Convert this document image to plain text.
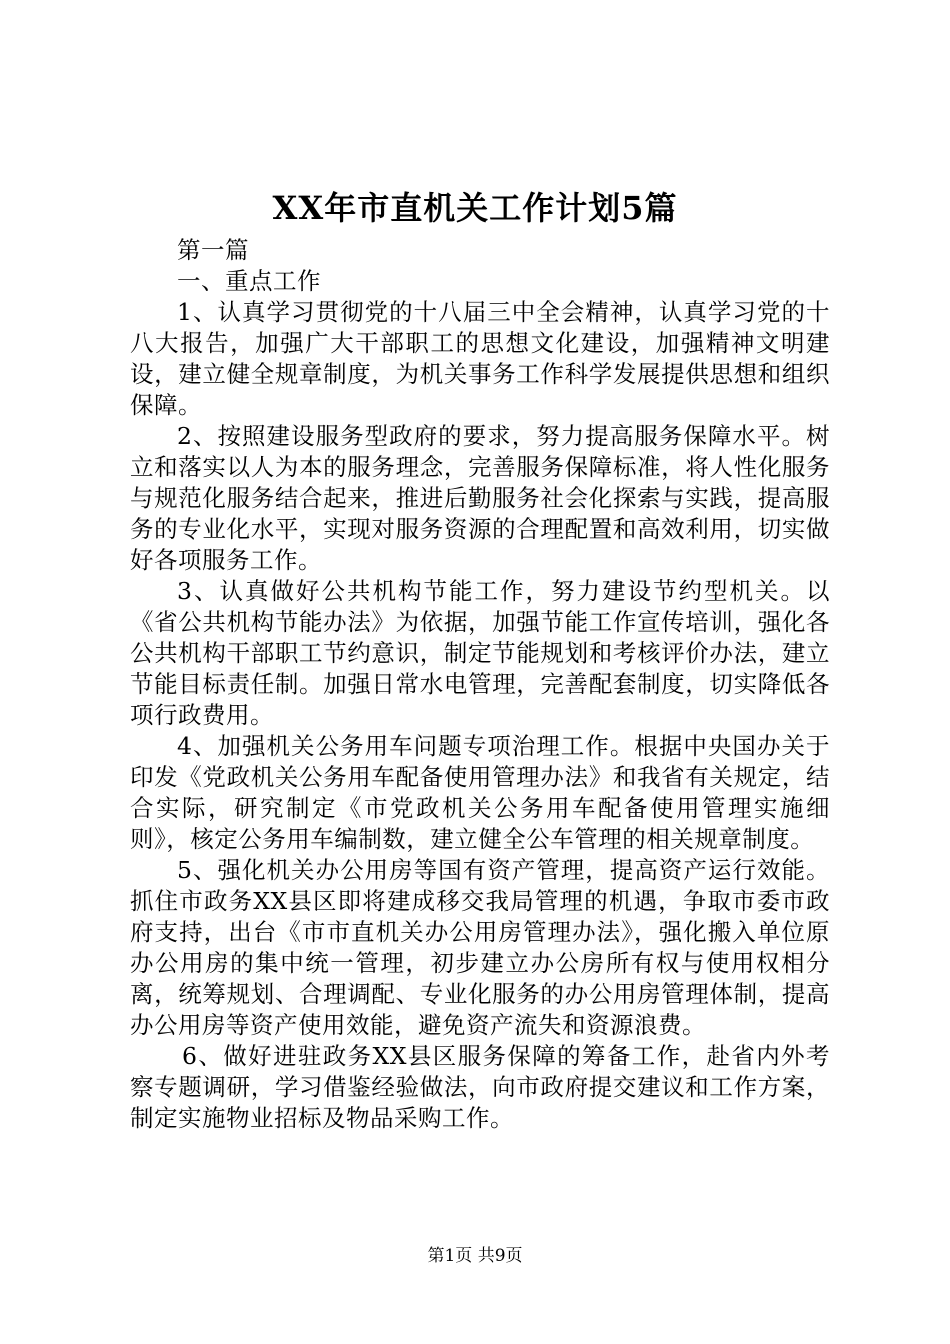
XX年市直机关工作计划5篇

第一篇

一、重点工作

1、认真学习贯彻党的十八届三中全会精神，认真学习党的十八大报告，加强广大干部职工的思想文化建设，加强精神文明建设，建立健全规章制度，为机关事务工作科学发展提供思想和组织保障。

2、按照建设服务型政府的要求，努力提高服务保障水平。树立和落实以人为本的服务理念，完善服务保障标准，将人性化服务与规范化服务结合起来，推进后勤服务社会化探索与实践，提高服务的专业化水平，实现对服务资源的合理配置和高效利用，切实做好各项服务工作。

3、认真做好公共机构节能工作，努力建设节约型机关。以《省公共机构节能办法》为依据，加强节能工作宣传培训，强化各公共机构干部职工节约意识，制定节能规划和考核评价办法，建立节能目标责任制。加强日常水电管理，完善配套制度，切实降低各项行政费用。

4、加强机关公务用车问题专项治理工作。根据中央国办关于印发《党政机关公务用车配备使用管理办法》和我省有关规定，结合实际，研究制定《市党政机关公务用车配备使用管理实施细则》，核定公务用车编制数，建立健全公车管理的相关规章制度。

5、强化机关办公用房等国有资产管理，提高资产运行效能。抓住市政务XX县区即将建成移交我局管理的机遇，争取市委市政府支持，出台《市市直机关办公用房管理办法》，强化搬入单位原办公用房的集中统一管理，初步建立办公房所有权与使用权相分离，统筹规划、合理调配、专业化服务的办公用房管理体制，提高办公用房等资产使用效能，避免资产流失和资源浪费。

6、做好进驻政务XX县区服务保障的筹备工作，赴省内外考察专题调研，学习借鉴经验做法，向市政府提交建议和工作方案，制定实施物业招标及物品采购工作。

第1页 共9页
